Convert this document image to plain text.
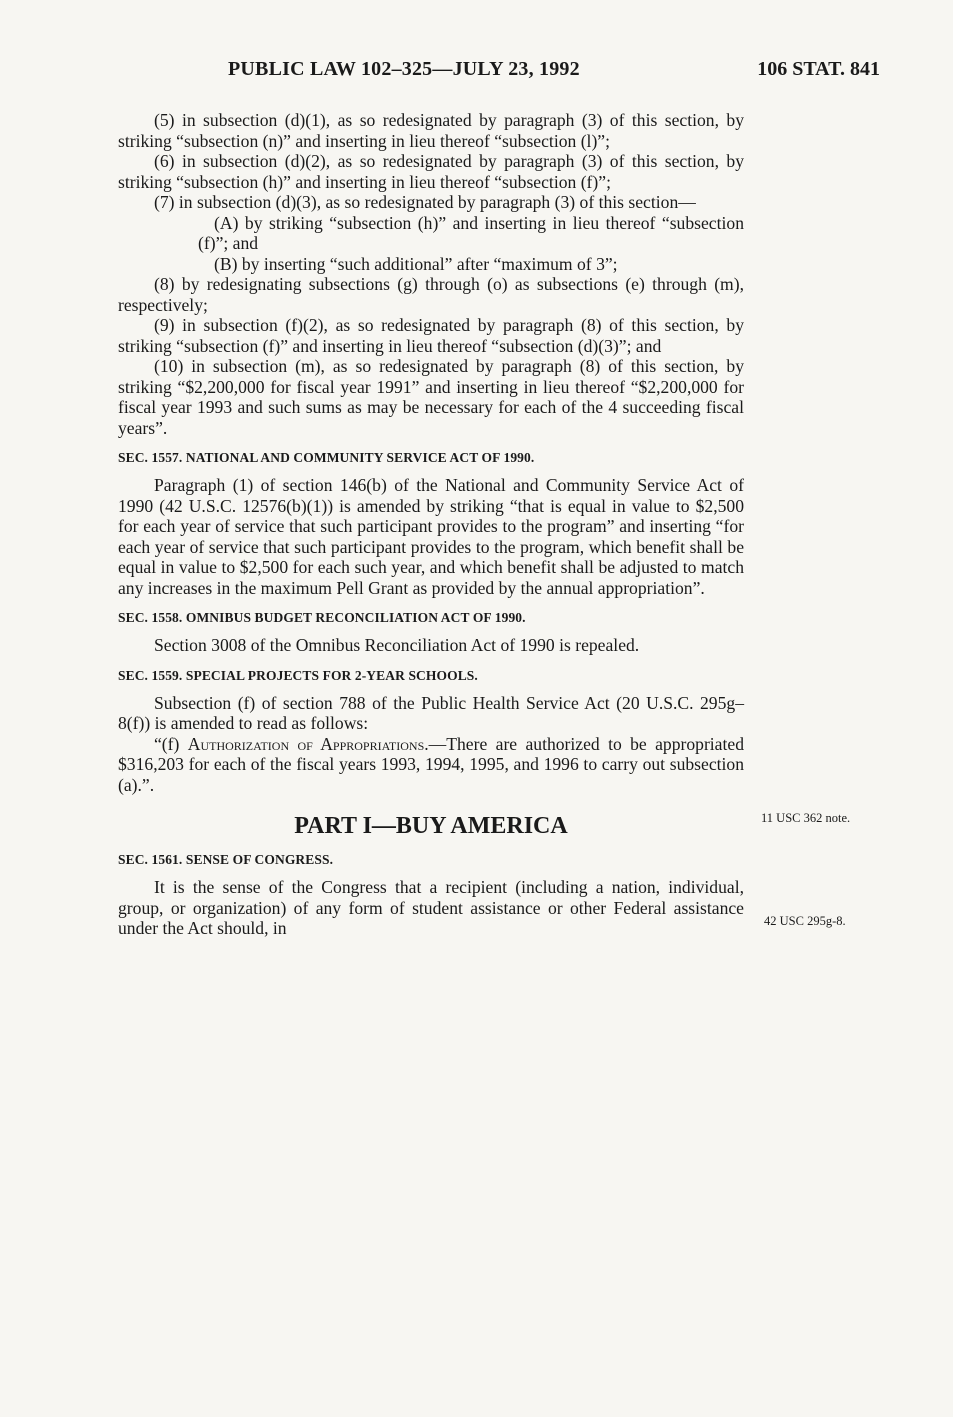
PUBLIC LAW 102–325—JULY 23, 1992	106 STAT. 841

(5) in subsection (d)(1), as so redesignated by paragraph (3) of this section, by striking “subsection (n)” and inserting in lieu thereof “subsection (l)”;

(6) in subsection (d)(2), as so redesignated by paragraph (3) of this section, by striking “subsection (h)” and inserting in lieu thereof “subsection (f)”;

(7) in subsection (d)(3), as so redesignated by paragraph (3) of this section—

(A) by striking “subsection (h)” and inserting in lieu thereof “subsection (f)”; and

(B) by inserting “such additional” after “maximum of 3”;

(8) by redesignating subsections (g) through (o) as subsections (e) through (m), respectively;

(9) in subsection (f)(2), as so redesignated by paragraph (8) of this section, by striking “subsection (f)” and inserting in lieu thereof “subsection (d)(3)”; and

(10) in subsection (m), as so redesignated by paragraph (8) of this section, by striking “$2,200,000 for fiscal year 1991” and inserting in lieu thereof “$2,200,000 for fiscal year 1993 and such sums as may be necessary for each of the 4 succeeding fiscal years”.

SEC. 1557. NATIONAL AND COMMUNITY SERVICE ACT OF 1990.

Paragraph (1) of section 146(b) of the National and Community Service Act of 1990 (42 U.S.C. 12576(b)(1)) is amended by striking “that is equal in value to $2,500 for each year of service that such participant provides to the program” and inserting “for each year of service that such participant provides to the program, which benefit shall be equal in value to $2,500 for each such year, and which benefit shall be adjusted to match any increases in the maximum Pell Grant as provided by the annual appropriation”.

SEC. 1558. OMNIBUS BUDGET RECONCILIATION ACT OF 1990.

Section 3008 of the Omnibus Reconciliation Act of 1990 is repealed.

SEC. 1559. SPECIAL PROJECTS FOR 2-YEAR SCHOOLS.

Subsection (f) of section 788 of the Public Health Service Act (20 U.S.C. 295g–8(f)) is amended to read as follows:

“(f) Authorization of Appropriations.—There are authorized to be appropriated $316,203 for each of the fiscal years 1993, 1994, 1995, and 1996 to carry out subsection (a).”.

PART I—BUY AMERICA
SEC. 1561. SENSE OF CONGRESS.

It is the sense of the Congress that a recipient (including a nation, individual, group, or organization) of any form of student assistance or other Federal assistance under the Act should, in

11 USC 362 note.
42 USC 295g-8.
